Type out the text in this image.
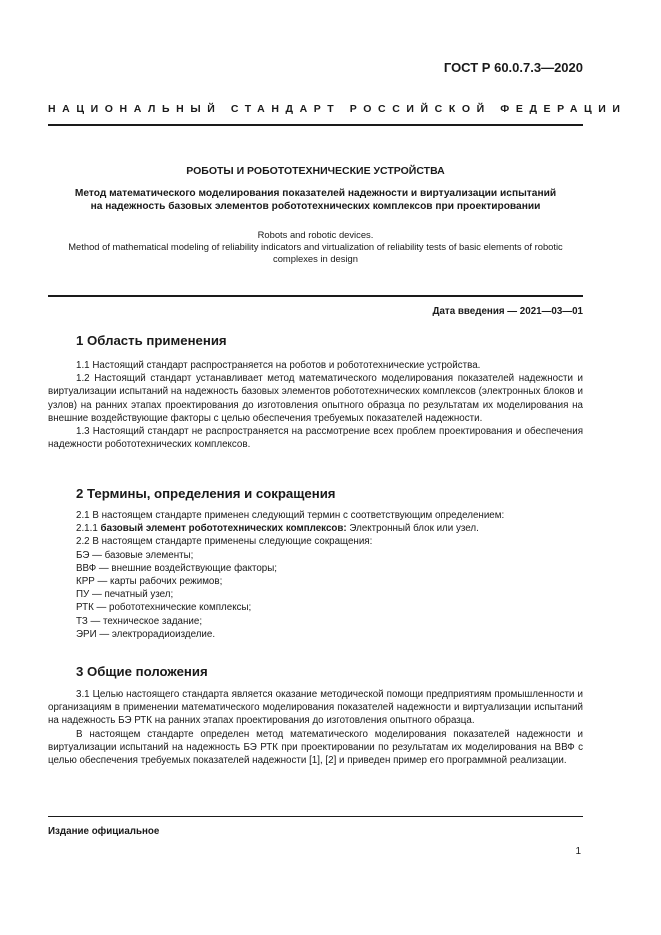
ГОСТ Р 60.0.7.3—2020
НАЦИОНАЛЬНЫЙ СТАНДАРТ РОССИЙСКОЙ ФЕДЕРАЦИИ
РОБОТЫ И РОБОТОТЕХНИЧЕСКИЕ УСТРОЙСТВА
Метод математического моделирования показателей надежности и виртуализации испытаний
на надежность базовых элементов робототехнических комплексов при проектировании
Robots and robotic devices.
Method of mathematical modeling of reliability indicators and virtualization of reliability tests of basic elements of robotic
complexes in design
Дата введения — 2021—03—01
1 Область применения

1.1 Настоящий стандарт распространяется на роботов и робототехнические устройства.

1.2 Настоящий стандарт устанавливает метод математического моделирования показателей надежности и виртуализации испытаний на надежность базовых элементов робототехнических комплексов (электронных блоков и узлов) на ранних этапах проектирования до изготовления опытного образца по результатам их моделирования на внешние воздействующие факторы с целью обеспечения требуемых показателей надежности.

1.3 Настоящий стандарт не распространяется на рассмотрение всех проблем проектирования и обеспечения надежности робототехнических комплексов.

2 Термины, определения и сокращения

2.1 В настоящем стандарте применен следующий термин с соответствующим определением:

2.1.1 базовый элемент робототехнических комплексов: Электронный блок или узел.

2.2 В настоящем стандарте применены следующие сокращения:

БЭ — базовые элементы;

ВВФ — внешние воздействующие факторы;

КРР — карты рабочих режимов;

ПУ — печатный узел;

РТК — робототехнические комплексы;

ТЗ — техническое задание;

ЭРИ — электрорадиоизделие.

3 Общие положения

3.1 Целью настоящего стандарта является оказание методической помощи предприятиям промышленности и организациям в применении математического моделирования показателей надежности и виртуализации испытаний на надежность БЭ РТК на ранних этапах проектирования до изготовления опытного образца.

В настоящем стандарте определен метод математического моделирования показателей надежности и виртуализации испытаний на надежность БЭ РТК при проектировании по результатам их моделирования на ВВФ с целью обеспечения требуемых показателей надежности [1], [2] и приведен пример его программной реализации.

Издание официальное
1
